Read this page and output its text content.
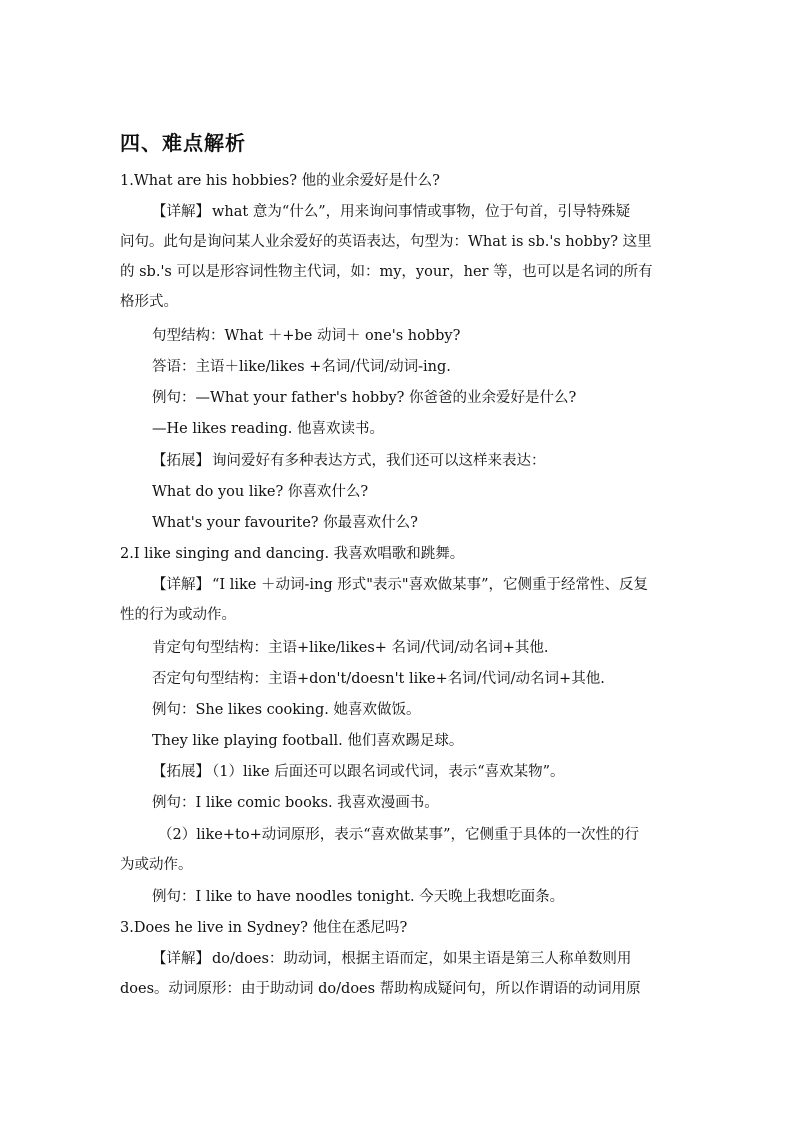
四、难点解析
1.What are his hobbies? 他的业余爱好是什么?
【详解】 what 意为“什么”，用来询问事情或事物，位于句首，引导特殊疑
问句。此句是询问某人业余爱好的英语表达，句型为：What is sb.'s hobby? 这里
的 sb.'s 可以是形容词性物主代词，如：my，your，her 等，也可以是名词的所有
格形式。
句型结构：What ＋+be 动词＋ one's hobby?
答语：主语＋like/likes +名词/代词/动词-ing.
例句：—What your father's hobby? 你爸爸的业余爱好是什么?
—He likes reading. 他喜欢读书。
【拓展】 询问爱好有多种表达方式，我们还可以这样来表达：
What do you like? 你喜欢什么?
What's your favourite? 你最喜欢什么?
2.I like singing and dancing. 我喜欢唱歌和跳舞。
【详解】 “I like ＋动词-ing 形式"表示"喜欢做某事”，它侧重于经常性、反复
性的行为或动作。
肯定句句型结构：主语+like/likes+ 名词/代词/动名词+其他.
否定句句型结构：主语+don't/doesn't like+名词/代词/动名词+其他.
例句：She likes cooking. 她喜欢做饭。
They like playing football. 他们喜欢踢足球。
【拓展】 （1）like 后面还可以跟名词或代词，表示“喜欢某物”。
例句：I like comic books. 我喜欢漫画书。
（2）like+to+动词原形，表示“喜欢做某事”，它侧重于具体的一次性的行
为或动作。
例句：I like to have noodles tonight. 今天晚上我想吃面条。
3.Does he live in Sydney? 他住在悉尼吗?
【详解】 do/does：助动词，根据主语而定，如果主语是第三人称单数则用
does。动词原形：由于助动词 do/does 帮助构成疑问句，所以作谓语的动词用原
